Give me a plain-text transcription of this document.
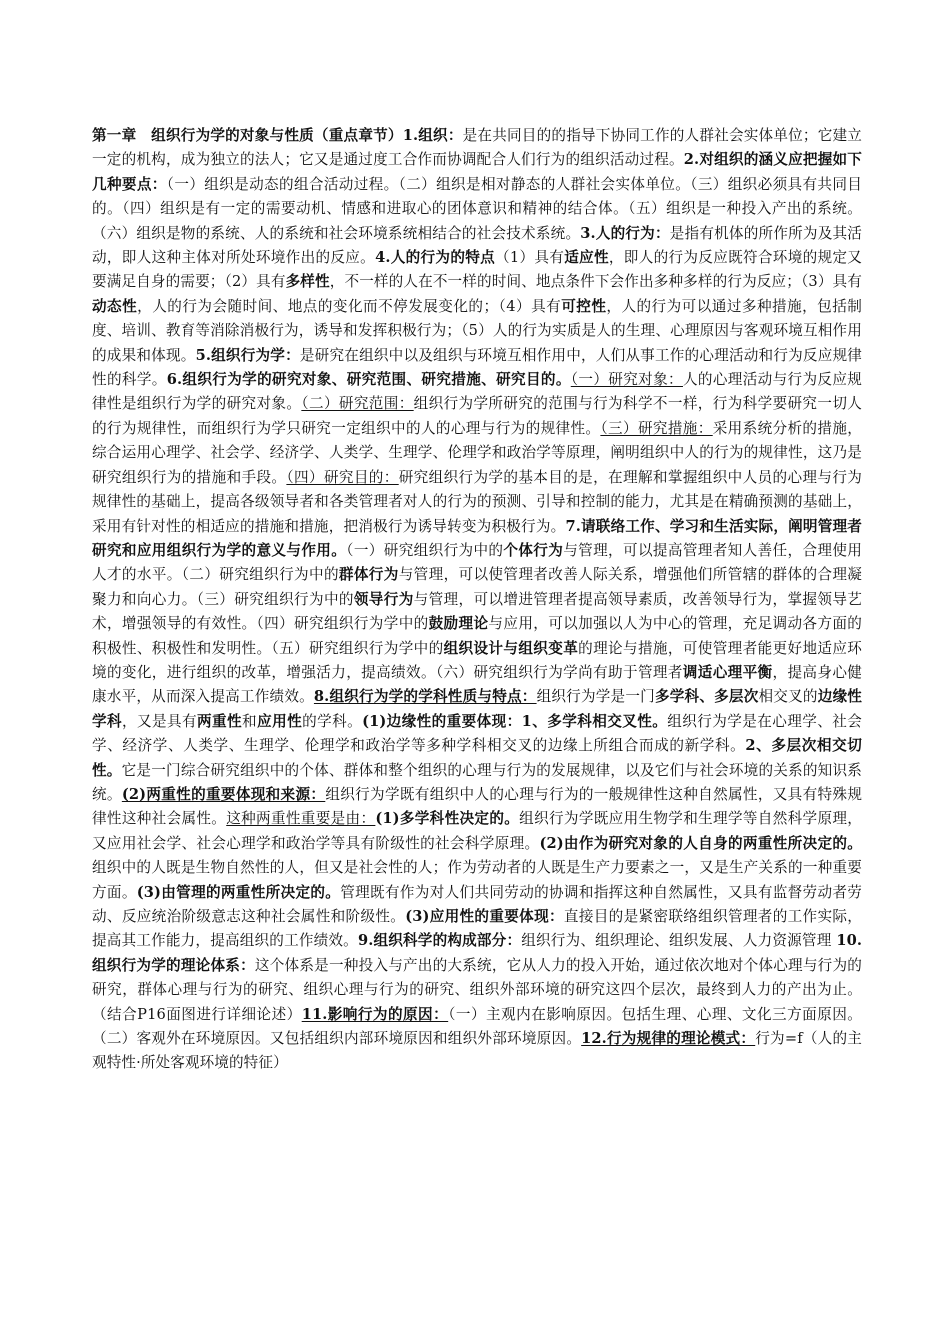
第一章　组织行为学的对象与性质（重点章节）1.组织：是在共同目的的指导下协同工作的人群社会实体单位；它建立一定的机构，成为独立的法人；它又是通过度工合作而协调配合人们行为的组织活动过程。2.对组织的涵义应把握如下几种要点：（一）组织是动态的组合活动过程。（二）组织是相对静态的人群社会实体单位。（三）组织必须具有共同目的。（四）组织是有一定的需要动机、情感和进取心的团体意识和精神的结合体。（五）组织是一种投入产出的系统。（六）组织是物的系统、人的系统和社会环境系统相结合的社会技术系统。3.人的行为：是指有机体的所作所为及其活动，即人这种主体对所处环境作出的反应。4.人的行为的特点（1）具有适应性，即人的行为反应既符合环境的规定又要满足自身的需要；（2）具有多样性，不一样的人在不一样的时间、地点条件下会作出多种多样的行为反应；（3）具有动态性，人的行为会随时间、地点的变化而不停发展变化的；（4）具有可控性，人的行为可以通过多种措施，包括制度、培训、教育等消除消极行为，诱导和发挥积极行为；（5）人的行为实质是人的生理、心理原因与客观环境互相作用的成果和体现。5.组织行为学：是研究在组织中以及组织与环境互相作用中，人们从事工作的心理活动和行为反应规律性的科学。6.组织行为学的研究对象、研究范围、研究措施、研究目的。（一）研究对象：人的心理活动与行为反应规律性是组织行为学的研究对象。（二）研究范围：组织行为学所研究的范围与行为科学不一样，行为科学要研究一切人的行为规律性，而组织行为学只研究一定组织中的人的心理与行为的规律性。（三）研究措施：采用系统分析的措施，综合运用心理学、社会学、经济学、人类学、生理学、伦理学和政治学等原理，阐明组织中人的行为的规律性，这乃是研究组织行为的措施和手段。（四）研究目的：研究组织行为学的基本目的是，在理解和掌握组织中人员的心理与行为规律性的基础上，提高各级领导者和各类管理者对人的行为的预测、引导和控制的能力，尤其是在精确预测的基础上，采用有针对性的相适应的措施和措施，把消极行为诱导转变为积极行为。7.请联络工作、学习和生活实际，阐明管理者研究和应用组织行为学的意义与作用。（一）研究组织行为中的个体行为与管理，可以提高管理者知人善任，合理使用人才的水平。（二）研究组织行为中的群体行为与管理，可以使管理者改善人际关系，增强他们所管辖的群体的合理凝聚力和向心力。（三）研究组织行为中的领导行为与管理，可以增进管理者提高领导素质，改善领导行为，掌握领导艺术，增强领导的有效性。（四）研究组织行为学中的鼓励理论与应用，可以加强以人为中心的管理，充足调动各方面的积极性、积极性和发明性。（五）研究组织行为学中的组织设计与组织变革的理论与措施，可使管理者能更好地适应环境的变化，进行组织的改革，增强活力，提高绩效。（六）研究组织行为学尚有助于管理者调适心理平衡，提高身心健康水平，从而深入提高工作绩效。8.组织行为学的学科性质与特点：组织行为学是一门多学科、多层次相交叉的边缘性学科，又是具有两重性和应用性的学科。(1)边缘性的重要体现：1、多学科相交叉性。组织行为学是在心理学、社会学、经济学、人类学、生理学、伦理学和政治学等多种学科相交叉的边缘上所组合而成的新学科。2、多层次相交切性。它是一门综合研究组织中的个体、群体和整个组织的心理与行为的发展规律，以及它们与社会环境的关系的知识系统。(2)两重性的重要体现和来源：组织行为学既有组织中人的心理与行为的一般规律性这种自然属性，又具有特殊规律性这种社会属性。这种两重性重要是由：(1)多学科性决定的。组织行为学既应用生物学和生理学等自然科学原理，又应用社会学、社会心理学和政治学等具有阶级性的社会科学原理。(2)由作为研究对象的人自身的两重性所决定的。组织中的人既是生物自然性的人，但又是社会性的人；作为劳动者的人既是生产力要素之一，又是生产关系的一种重要方面。(3)由管理的两重性所决定的。管理既有作为对人们共同劳动的协调和指挥这种自然属性，又具有监督劳动者劳动、反应统治阶级意志这种社会属性和阶级性。(3)应用性的重要体现：直接目的是紧密联络组织管理者的工作实际，提高其工作能力，提高组织的工作绩效。9.组织科学的构成部分：组织行为、组织理论、组织发展、人力资源管理 10.组织行为学的理论体系：这个体系是一种投入与产出的大系统，它从人力的投入开始，通过依次地对个体心理与行为的研究，群体心理与行为的研究、组织心理与行为的研究、组织外部环境的研究这四个层次，最终到人力的产出为止。（结合P16面图进行详细论述）11.影响行为的原因：（一）主观内在影响原因。包括生理、心理、文化三方面原因。（二）客观外在环境原因。又包括组织内部环境原因和组织外部环境原因。12.行为规律的理论模式：行为=f（人的主观特性·所处客观环境的特征）
